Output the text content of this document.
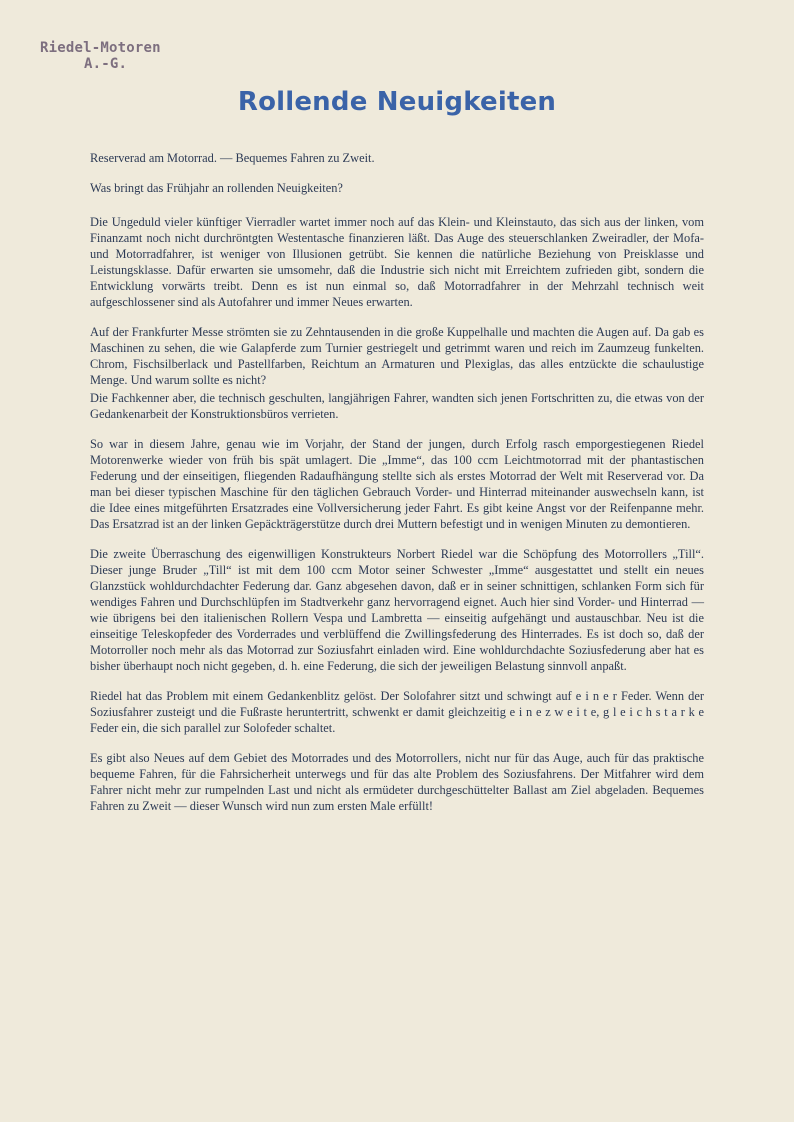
Riedel-Motoren
A.-G.
Rollende Neuigkeiten

Reserverad am Motorrad. — Bequemes Fahren zu Zweit.

Was bringt das Frühjahr an rollenden Neuigkeiten?

Die Ungeduld vieler künftiger Vierradler wartet immer noch auf das Klein- und Kleinstauto, das sich aus der linken, vom Finanzamt noch nicht durchröntgten Westentasche finanzieren läßt. Das Auge des steuerschlanken Zweiradler, der Mofa- und Motorradfahrer, ist weniger von Illusionen getrübt. Sie kennen die natürliche Beziehung von Preisklasse und Leistungsklasse. Dafür erwarten sie umsomehr, daß die Industrie sich nicht mit Erreichtem zufrieden gibt, sondern die Entwicklung vorwärts treibt. Denn es ist nun einmal so, daß Motorradfahrer in der Mehrzahl technisch weit aufgeschlossener sind als Autofahrer und immer Neues erwarten.

Auf der Frankfurter Messe strömten sie zu Zehntausenden in die große Kuppelhalle und machten die Augen auf. Da gab es Maschinen zu sehen, die wie Galapferde zum Turnier gestriegelt und getrimmt waren und reich im Zaumzeug funkelten. Chrom, Fischsilberlack und Pastellfarben, Reichtum an Armaturen und Plexiglas, das alles entzückte die schaulustige Menge. Und warum sollte es nicht?

Die Fachkenner aber, die technisch geschulten, langjährigen Fahrer, wandten sich jenen Fortschritten zu, die etwas von der Gedankenarbeit der Konstruktionsbüros verrieten.

So war in diesem Jahre, genau wie im Vorjahr, der Stand der jungen, durch Erfolg rasch emporgestiegenen Riedel Motorenwerke wieder von früh bis spät umlagert. Die „Imme“, das 100 ccm Leichtmotorrad mit der phantastischen Federung und der einseitigen, fliegenden Radaufhängung stellte sich als erstes Motorrad der Welt mit Reserverad vor. Da man bei dieser typischen Maschine für den täglichen Gebrauch Vorder- und Hinterrad miteinander auswechseln kann, ist die Idee eines mitgeführten Ersatzrades eine Vollversicherung jeder Fahrt. Es gibt keine Angst vor der Reifenpanne mehr. Das Ersatzrad ist an der linken Gepäckträgerstütze durch drei Muttern befestigt und in wenigen Minuten zu demontieren.

Die zweite Überraschung des eigenwilligen Konstrukteurs Norbert Riedel war die Schöpfung des Motorrollers „Till“. Dieser junge Bruder „Till“ ist mit dem 100 ccm Motor seiner Schwester „Imme“ ausgestattet und stellt ein neues Glanzstück wohldurchdachter Federung dar. Ganz abgesehen davon, daß er in seiner schnittigen, schlanken Form sich für wendiges Fahren und Durchschlüpfen im Stadtverkehr ganz hervorragend eignet. Auch hier sind Vorder- und Hinterrad — wie übrigens bei den italienischen Rollern Vespa und Lambretta — einseitig aufgehängt und austauschbar. Neu ist die einseitige Teleskopfeder des Vorderrades und verblüffend die Zwillingsfederung des Hinterrades. Es ist doch so, daß der Motorroller noch mehr als das Motorrad zur Soziusfahrt einladen wird. Eine wohldurchdachte Soziusfederung aber hat es bisher überhaupt noch nicht gegeben, d. h. eine Federung, die sich der jeweiligen Belastung sinnvoll anpaßt.

Riedel hat das Problem mit einem Gedankenblitz gelöst. Der Solofahrer sitzt und schwingt auf e i n e r Feder. Wenn der Soziusfahrer zusteigt und die Fußraste heruntertritt, schwenkt er damit gleichzeitig e i n e z w e i t e, g l e i c h s t a r k e Feder ein, die sich parallel zur Solofeder schaltet.

Es gibt also Neues auf dem Gebiet des Motorrades und des Motorrollers, nicht nur für das Auge, auch für das praktische bequeme Fahren, für die Fahrsicherheit unterwegs und für das alte Problem des Soziusfahrens. Der Mitfahrer wird dem Fahrer nicht mehr zur rumpelnden Last und nicht als ermüdeter durchgeschüttelter Ballast am Ziel abgeladen. Bequemes Fahren zu Zweit — dieser Wunsch wird nun zum ersten Male erfüllt!
